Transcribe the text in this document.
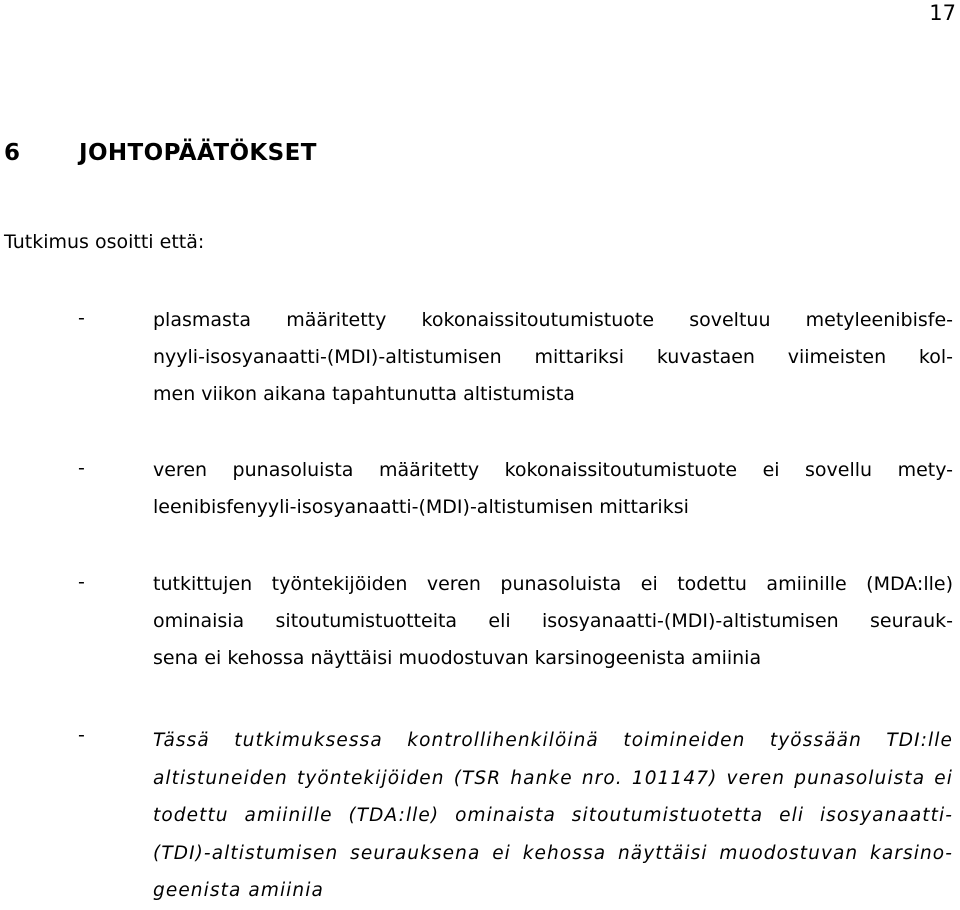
17
6	JOHTOPÄÄTÖKSET
Tutkimus osoitti että:
-	plasmasta määritetty kokonaissitoutumistuote soveltuu metyleenibisfe-
nyyli-isosyanaatti-(MDI)-altistumisen mittariksi kuvastaen viimeisten kol-
men viikon aikana tapahtunutta altistumista

-	veren punasoluista määritetty kokonaissitoutumistuote ei sovellu mety-
leenibisfenyyli-isosyanaatti-(MDI)-altistumisen mittariksi

-	tutkittujen työntekijöiden veren punasoluista ei todettu amiinille (MDA:lle)
ominaisia sitoutumistuotteita eli isosyanaatti-(MDI)-altistumisen seurauk-
sena ei kehossa näyttäisi muodostuvan karsinogeenista amiinia

-	Tässä tutkimuksessa kontrollihenkilöinä toimineiden työssään TDI:lle
altistuneiden työntekijöiden (TSR hanke nro. 101147) veren punasoluista ei
todettu amiinille (TDA:lle) ominaista sitoutumistuotetta eli isosyanaatti-
(TDI)-altistumisen seurauksena ei kehossa näyttäisi muodostuvan karsino-
geenista amiinia
